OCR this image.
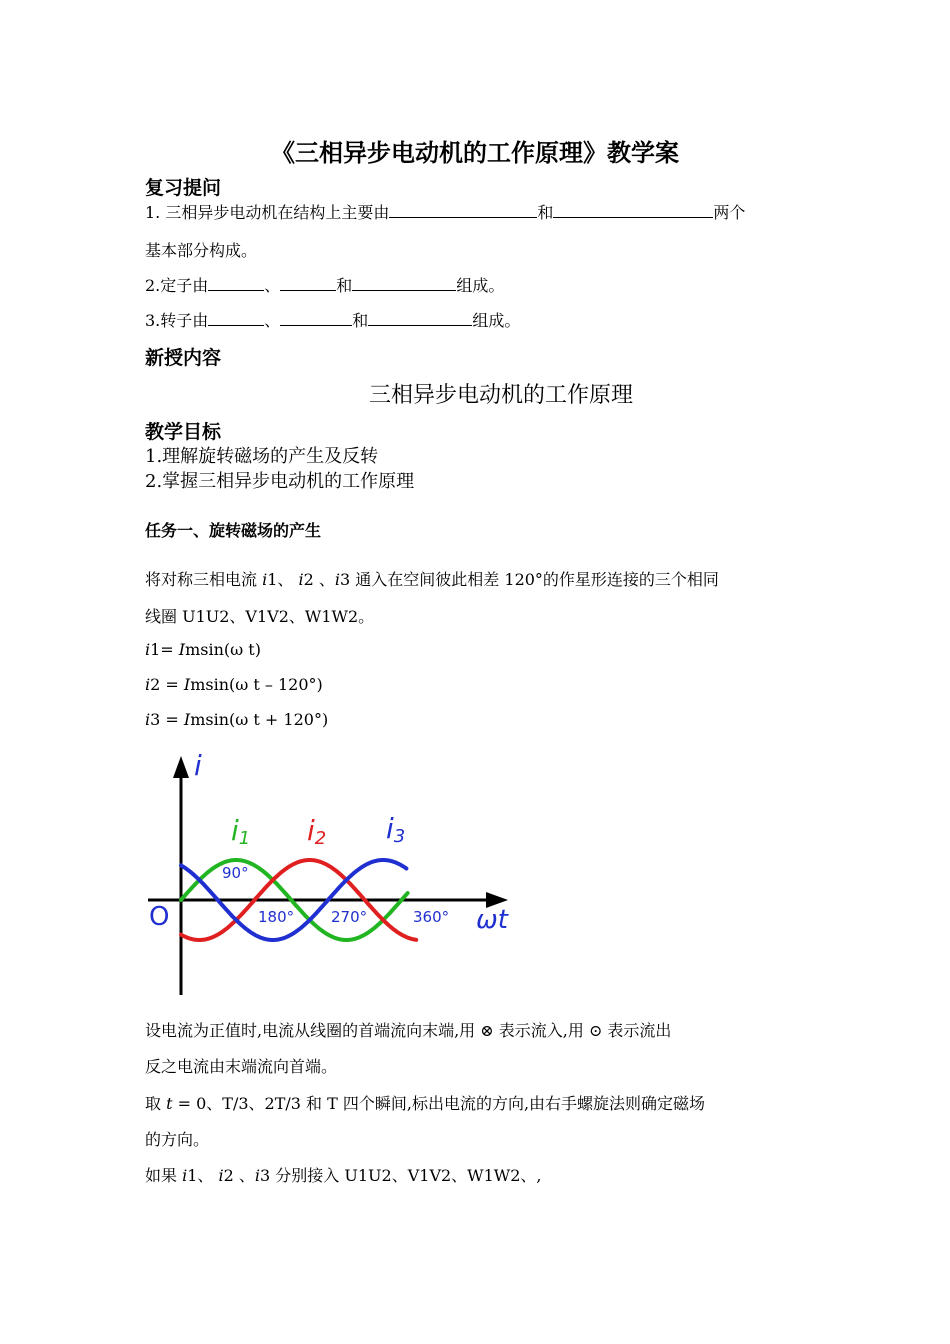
《三相异步电动机的工作原理》教学案
复习提问
1. 三相异步电动机在结构上主要由	和	两个
基本部分构成。
2.定子由	、	和	组成。
3.转子由	、	和	组成。
新授内容
三相异步电动机的工作原理
教学目标
1.理解旋转磁场的产生及反转
2.掌握三相异步电动机的工作原理
任务一、旋转磁场的产生
将对称三相电流 i1、 i2 、i3 通入在空间彼此相差 120°的作星形连接的三个相同
线圈 U1U2、V1V2、W1W2。
i1= Imsin(ω t)
i2 = Imsin(ω t – 120°)
i3 = Imsin(ω t + 120°)
i1 i2 i3
90°
180° 270°	360°
i
ωt
O
设电流为正值时,电流从线圈的首端流向末端,用 ⊗ 表示流入,用 ⊙ 表示流出
反之电流由末端流向首端。
取 t = 0、T/3、2T/3 和 T 四个瞬间,标出电流的方向,由右手螺旋法则确定磁场
的方向。
如果 i1、 i2 、i3 分别接入 U1U2、V1V2、W1W2、,
